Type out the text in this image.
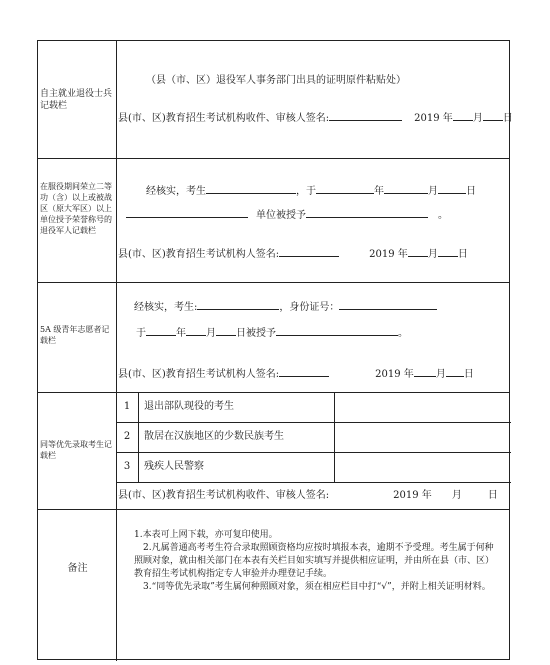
自主就业退役士兵记载栏
（县（市、区）退役军人事务部门出具的证明原件粘贴处）
县(市、区)教育招生考试机构收件、审核人签名:	2019 年 月 日
在服役期间荣立二等功（含）以上或被战区（原大军区）以上单位授予荣誉称号的退役军人记载栏
经核实，考生	，于	年	月	日
单位被授予	。
县(市、区)教育招生考试机构人签名:	2019 年 月 日
5A 级青年志愿者记载栏
经核实，考生:	，身份证号：
于	年 月 日被授予	。
县(市、区)教育招生考试机构人签名:	2019 年 月 日
同等优先录取考生记载栏
1	退出部队现役的考生
2	散居在汉族地区的少数民族考生
3	残疾人民警察
县(市、区)教育招生考试机构收件、审核人签名:	2019 年 月	日
备注

1.本表可上网下载，亦可复印使用。

2.凡属普通高考考生符合录取照顾资格均应按时填报本表，逾期不予受理。考生属于何种照顾对象，就由相关部门在本表有关栏目如实填写并提供相应证明，并由所在县（市、区）教育招生考试机构指定专人审验并办理登记手续。

3.“同等优先录取”考生属何种照顾对象，须在相应栏目中打“√”，并附上相关证明材料。
